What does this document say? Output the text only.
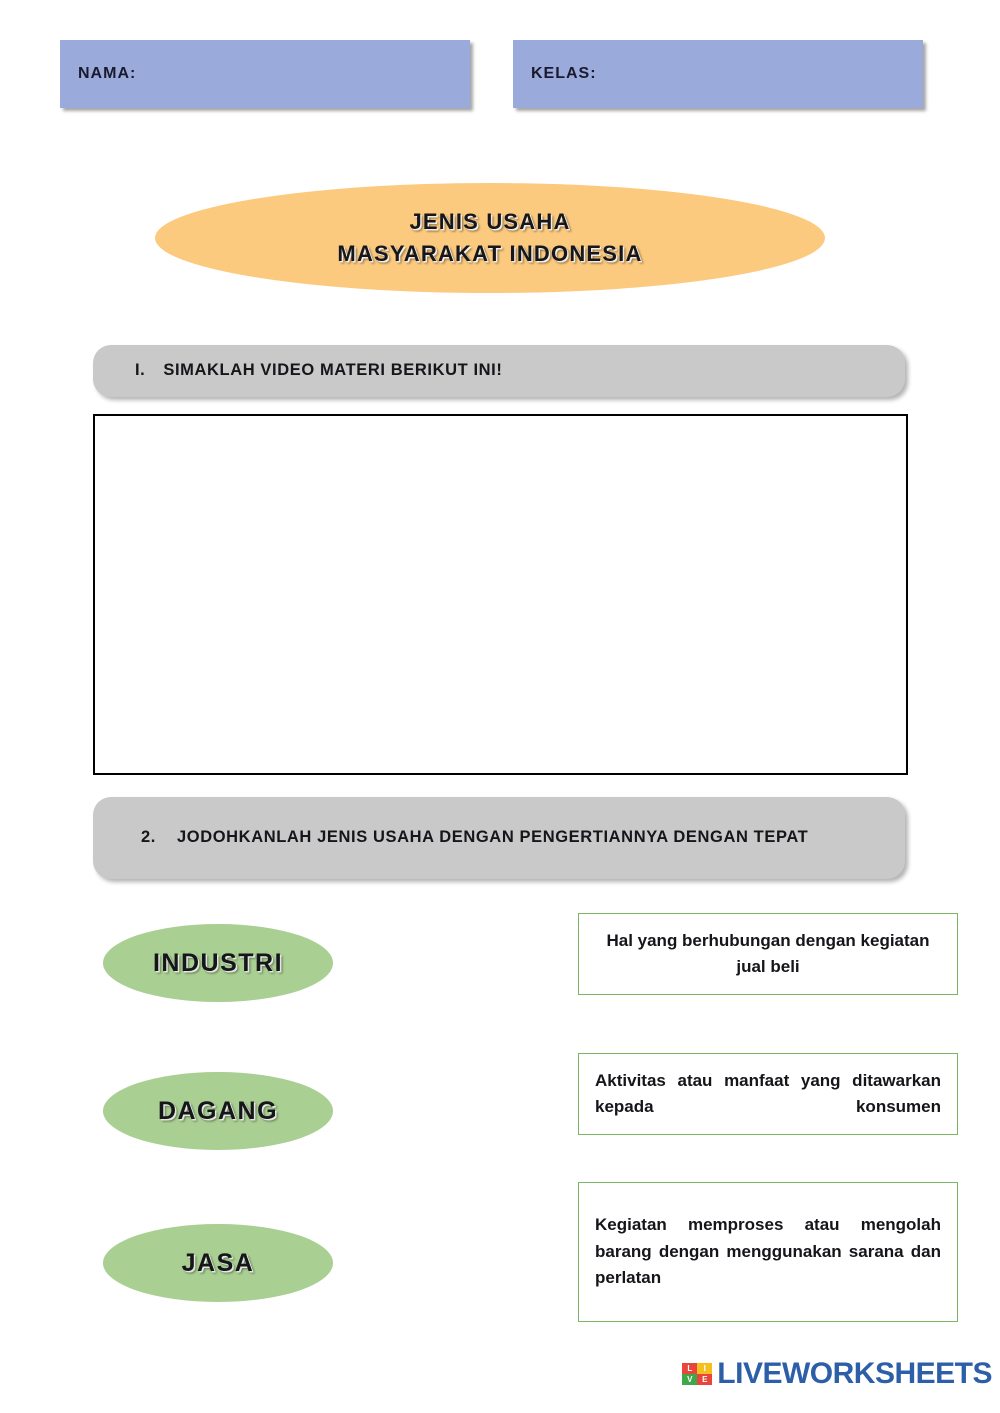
NAMA:	KELAS:
JENIS USAHA
MASYARAKAT INDONESIA
I.	SIMAKLAH VIDEO MATERI BERIKUT INI!
2.	JODOHKANLAH JENIS USAHA DENGAN PENGERTIANNYA DENGAN TEPAT
INDUSTRI
DAGANG
JASA
Hal yang berhubungan dengan kegiatan jual beli
Aktivitas atau manfaat yang ditawarkan kepada konsumen
Kegiatan memproses atau mengolah barang dengan menggunakan sarana dan perlatan
L	I
V	E LIVEWORKSHEETS
